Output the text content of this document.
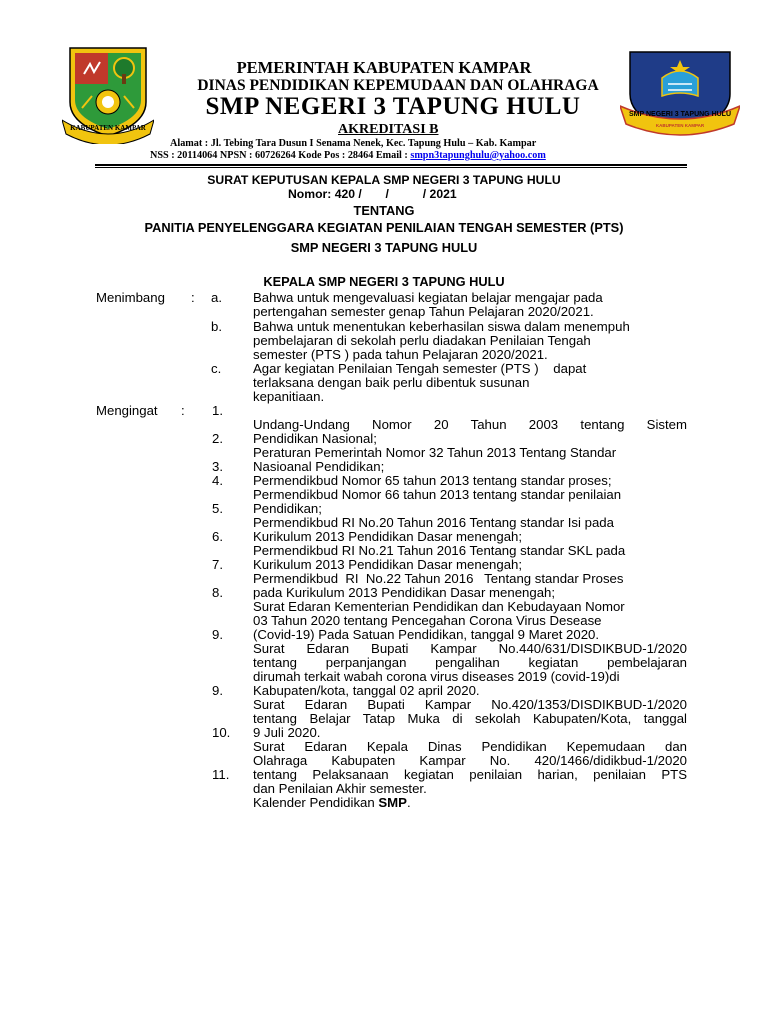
KABUPATEN KAMPAR
SMP NEGERI 3 TAPUNG HULU
KABUPATEN KAMPAR
PEMERINTAH KABUPATEN KAMPAR
DINAS PENDIDIKAN KEPEMUDAAN DAN OLAHRAGA
SMP NEGERI 3 TAPUNG HULU
AKREDITASI B
Alamat : Jl. Tebing Tara Dusun I Senama Nenek, Kec. Tapung Hulu – Kab. Kampar
NSS : 20114064 NPSN : 60726264 Kode Pos : 28464 Email : smpn3tapunghulu@yahoo.com
SURAT KEPUTUSAN KEPALA SMP NEGERI 3 TAPUNG HULU
Nomor: 420 /       /          / 2021
TENTANG
PANITIA PENYELENGGARA KEGIATAN PENILAIAN TENGAH SEMESTER (PTS)
SMP NEGERI 3 TAPUNG HULU
KEPALA SMP NEGERI 3 TAPUNG HULU
Menimbang : a.
b.
c.
Bahwa untuk mengevaluasi kegiatan belajar mengajar pada
pertengahan semester genap Tahun Pelajaran 2020/2021.
Bahwa untuk menentukan keberhasilan siswa dalam menempuh
pembelajaran di sekolah perlu diadakan Penilaian Tengah
semester (PTS ) pada tahun Pelajaran 2020/2021.
Agar kegiatan Penilaian Tengah semester (PTS )    dapat
terlaksana dengan baik perlu dibentuk susunan
kepanitiaan.
Mengingat : 1.
2.
3.
4.
5.
6.
7.
8.
9.
9.
10.
11.
Undang-Undang Nomor 20 Tahun 2003 tentang Sistem
Pendidikan Nasional;
Peraturan Pemerintah Nomor 32 Tahun 2013 Tentang Standar
Nasioanal Pendidikan;
Permendikbud Nomor 65 tahun 2013 tentang standar proses;
Permendikbud Nomor 66 tahun 2013 tentang standar penilaian
Pendidikan;
Permendikbud RI No.20 Tahun 2016 Tentang standar Isi pada
Kurikulum 2013 Pendidikan Dasar menengah;
Permendikbud RI No.21 Tahun 2016 Tentang standar SKL pada
Kurikulum 2013 Pendidikan Dasar menengah;
Permendikbud  RI  No.22 Tahun 2016   Tentang standar Proses
pada Kurikulum 2013 Pendidikan Dasar menengah;
Surat Edaran Kementerian Pendidikan dan Kebudayaan Nomor
03 Tahun 2020 tentang Pencegahan Corona Virus Desease
(Covid-19) Pada Satuan Pendidikan, tanggal 9 Maret 2020.
Surat Edaran Bupati Kampar No.440/631/DISDIKBUD-1/2020
tentang perpanjangan pengalihan kegiatan pembelajaran
dirumah terkait wabah corona virus diseases 2019 (covid-19)di
Kabupaten/kota, tanggal 02 april 2020.
Surat Edaran Bupati Kampar No.420/1353/DISDIKBUD-1/2020
tentang Belajar Tatap Muka di sekolah Kabupaten/Kota, tanggal
9 Juli 2020.
Surat Edaran Kepala Dinas Pendidikan Kepemudaan dan
Olahraga Kabupaten Kampar No. 420/1466/didikbud-1/2020
tentang Pelaksanaan kegiatan penilaian harian, penilaian PTS
dan Penilaian Akhir semester.
Kalender Pendidikan SMP.
